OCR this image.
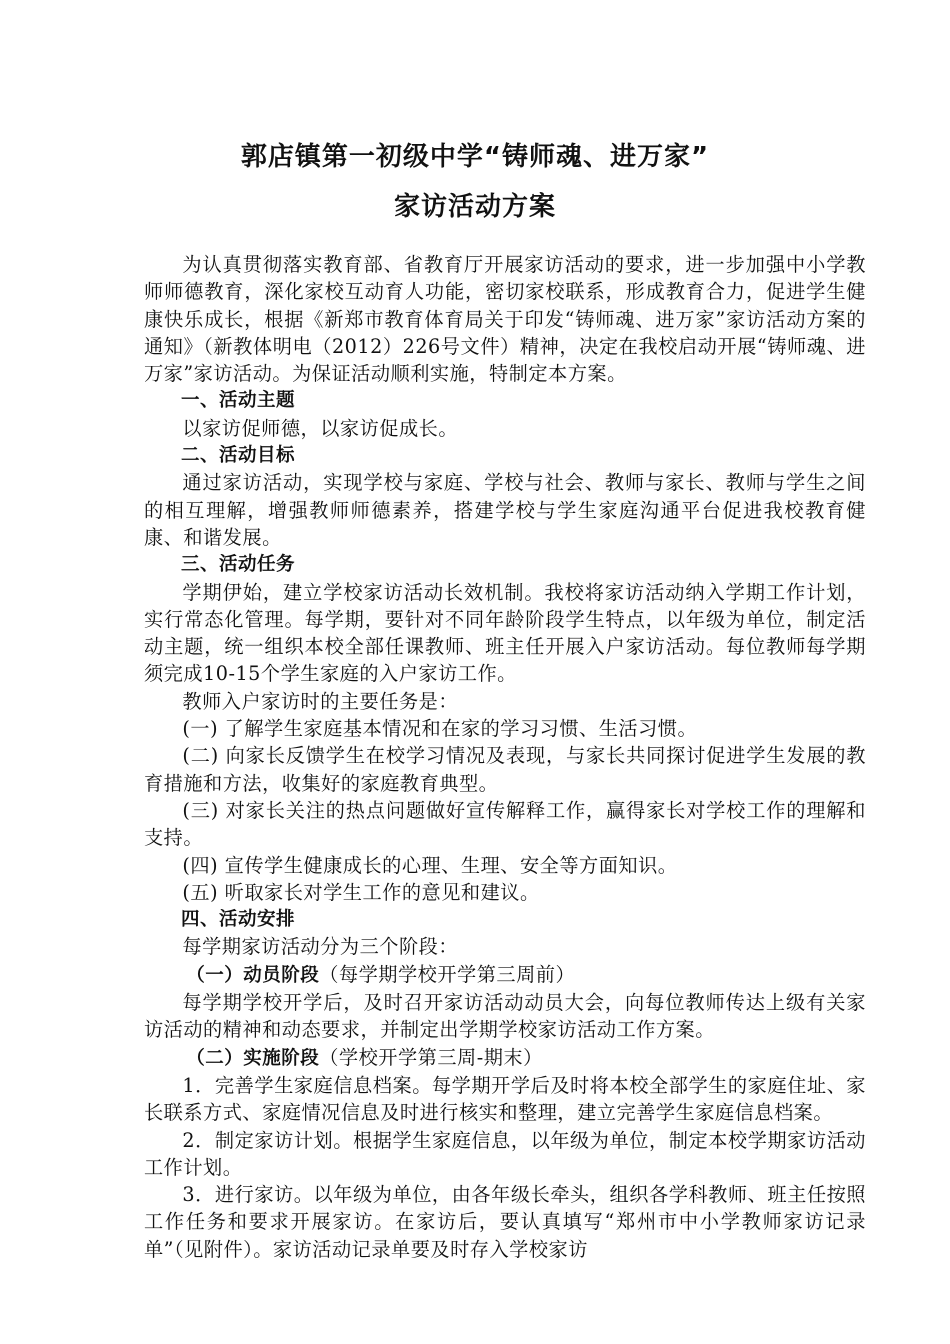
郭店镇第一初级中学“铸师魂、进万家”
家访活动方案

为认真贯彻落实教育部、省教育厅开展家访活动的要求，进一步加强中小学教师师德教育，深化家校互动育人功能，密切家校联系，形成教育合力，促进学生健康快乐成长，根据《新郑市教育体育局关于印发“铸师魂、进万家”家访活动方案的通知》（新教体明电（2012）226号文件）精神，决定在我校启动开展“铸师魂、进万家”家访活动。为保证活动顺利实施，特制定本方案。

一、活动主题

以家访促师德，以家访促成长。

二、活动目标

通过家访活动，实现学校与家庭、学校与社会、教师与家长、教师与学生之间的相互理解，增强教师师德素养，搭建学校与学生家庭沟通平台促进我校教育健康、和谐发展。

三、活动任务

学期伊始，建立学校家访活动长效机制。我校将家访活动纳入学期工作计划，实行常态化管理。每学期，要针对不同年龄阶段学生特点，以年级为单位，制定活动主题，统一组织本校全部任课教师、班主任开展入户家访活动。每位教师每学期须完成10-15个学生家庭的入户家访工作。

教师入户家访时的主要任务是：

(一) 了解学生家庭基本情况和在家的学习习惯、生活习惯。

(二) 向家长反馈学生在校学习情况及表现，与家长共同探讨促进学生发展的教育措施和方法，收集好的家庭教育典型。

(三) 对家长关注的热点问题做好宣传解释工作，赢得家长对学校工作的理解和支持。

(四) 宣传学生健康成长的心理、生理、安全等方面知识。

(五) 听取家长对学生工作的意见和建议。

四、活动安排

每学期家访活动分为三个阶段：

（一）动员阶段（每学期学校开学第三周前）

每学期学校开学后，及时召开家访活动动员大会，向每位教师传达上级有关家访活动的精神和动态要求，并制定出学期学校家访活动工作方案。

（二）实施阶段（学校开学第三周-期末）

1．完善学生家庭信息档案。每学期开学后及时将本校全部学生的家庭住址、家长联系方式、家庭情况信息及时进行核实和整理，建立完善学生家庭信息档案。

2．制定家访计划。根据学生家庭信息，以年级为单位，制定本校学期家访活动工作计划。

3．进行家访。以年级为单位，由各年级长牵头，组织各学科教师、班主任按照工作任务和要求开展家访。在家访后，要认真填写“郑州市中小学教师家访记录单”（见附件）。家访活动记录单要及时存入学校家访
